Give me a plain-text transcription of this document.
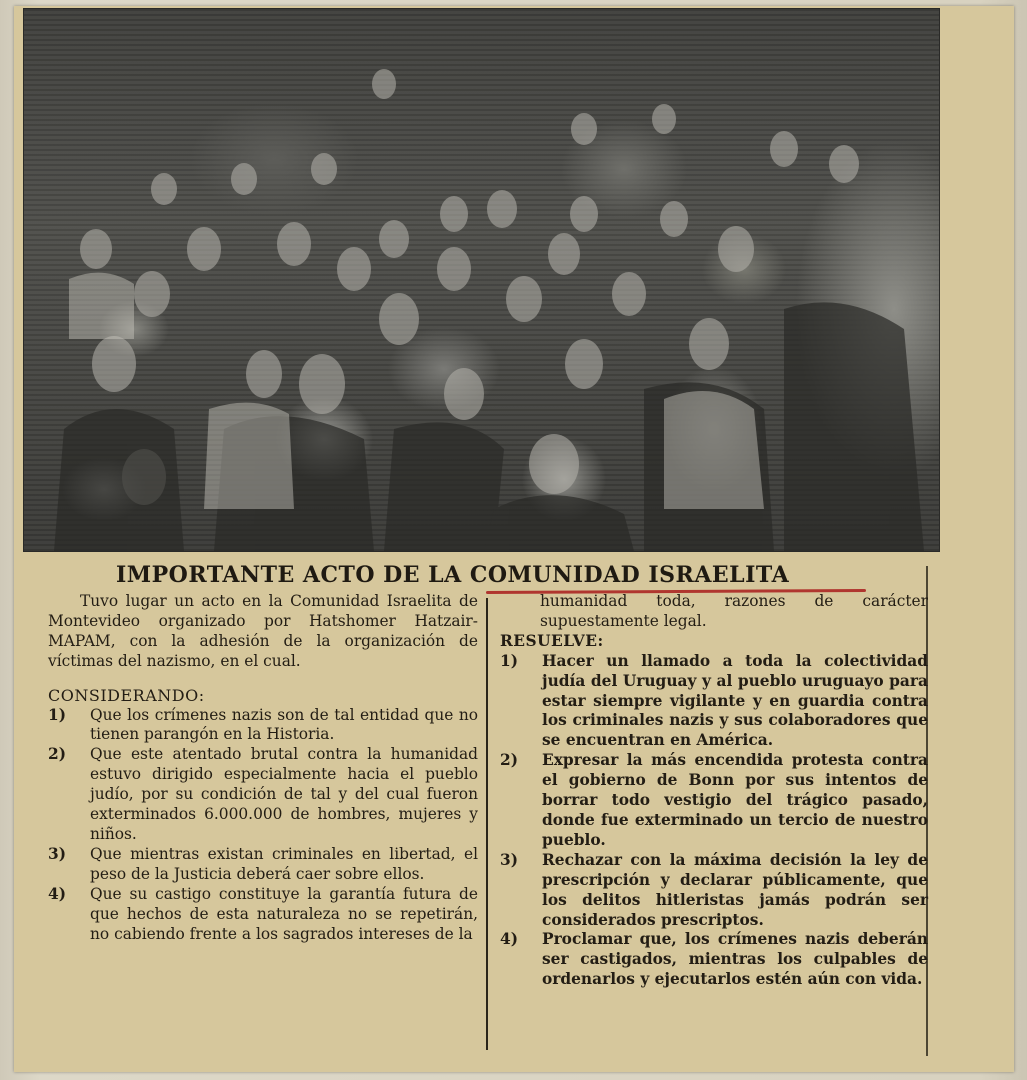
IMPORTANTE ACTO DE LA COMUNIDAD ISRAELITA

Tuvo lugar un acto en la Comunidad Israelita de Montevideo organizado por Hatshomer Hatzair-MAPAM, con la adhesión de la organización de víctimas del nazismo, en el cual.

CONSIDERANDO:

1)	Que los crímenes nazis son de tal entidad que no tienen parangón en la Historia.
2)	Que este atentado brutal contra la humanidad estuvo dirigido especialmente hacia el pueblo judío, por su condición de tal y del cual fueron exterminados 6.000.000 de hombres, mujeres y niños.
3)	Que mientras existan criminales en libertad, el peso de la Justicia deberá caer sobre ellos.
4)	Que su castigo constituye la garantía futura de que hechos de esta naturaleza no se repetirán, no cabiendo frente a los sagrados intereses de la

humanidad toda, razones de carácter supuestamente legal.

RESUELVE:

1)	Hacer un llamado a toda la colectividad judía del Uruguay y al pueblo uruguayo para estar siempre vigilante y en guardia contra los criminales nazis y sus colaboradores que se encuentran en América.
2)	Expresar la más encendida protesta contra el gobierno de Bonn por sus intentos de borrar todo vestigio del trágico pasado, donde fue exterminado un tercio de nuestro pueblo.
3)	Rechazar con la máxima decisión la ley de prescripción y declarar públicamente, que los delitos hitleristas jamás podrán ser considerados prescriptos.
4)	Proclamar que, los crímenes nazis deberán ser castigados, mientras los culpables de ordenarlos y ejecutarlos estén aún con vida.
